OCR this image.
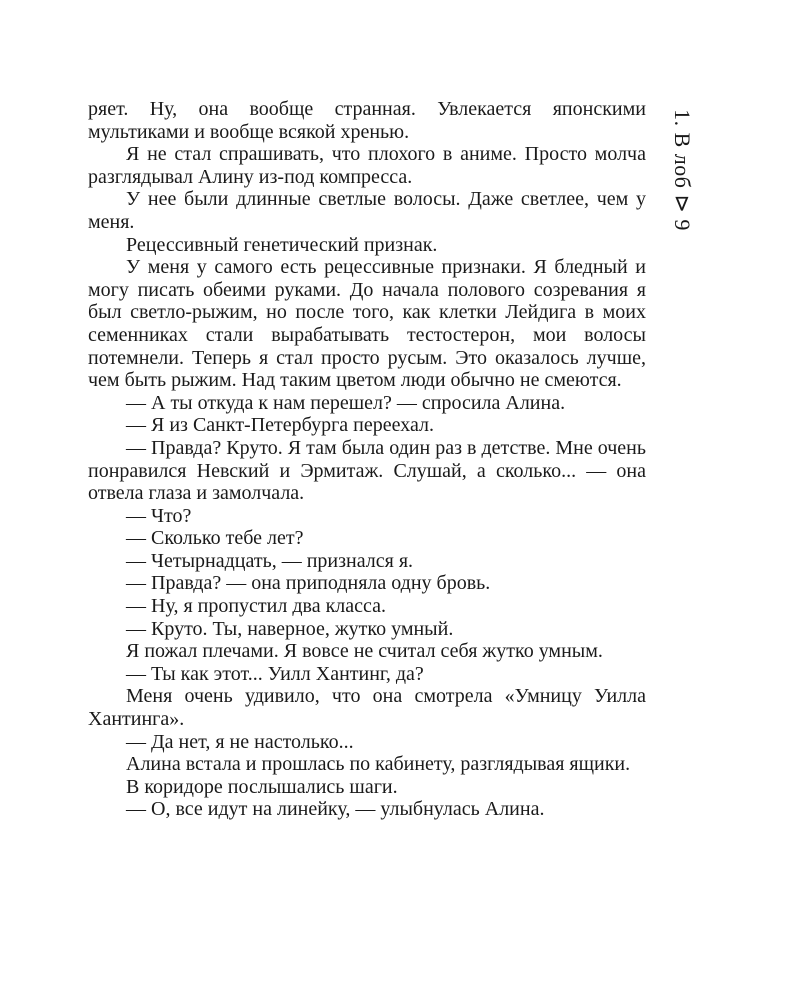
ряет. Ну, она вообще странная. Увлекается японскими мультиками и вообще всякой хренью.

Я не стал спрашивать, что плохого в аниме. Просто молча разглядывал Алину из-под компресса.

У нее были длинные светлые волосы. Даже светлее, чем у меня.

Рецессивный генетический признак.

У меня у самого есть рецессивные признаки. Я бледный и могу писать обеими руками. До начала полового созревания я был светло-рыжим, но после того, как клетки Лейдига в моих семенниках стали вырабатывать тестостерон, мои волосы потемнели. Теперь я стал просто русым. Это оказалось лучше, чем быть рыжим. Над таким цветом люди обычно не смеются.

— А ты откуда к нам перешел? — спросила Алина.

— Я из Санкт-Петербурга переехал.

— Правда? Круто. Я там была один раз в детстве. Мне очень понравился Невский и Эрмитаж. Слушай, а сколько... — она отвела глаза и замолчала.

— Что?

— Сколько тебе лет?

— Четырнадцать, — признался я.

— Правда? — она приподняла одну бровь.

— Ну, я пропустил два класса.

— Круто. Ты, наверное, жутко умный.

Я пожал плечами. Я вовсе не считал себя жутко умным.

— Ты как этот... Уилл Хантинг, да?

Меня очень удивило, что она смотрела «Умницу Уилла Хантинга».

— Да нет, я не настолько...

Алина встала и прошлась по кабинету, разглядывая ящики.

В коридоре послышались шаги.

— О, все идут на линейку, — улыбнулась Алина.

1. В лоб ⊳ 9
